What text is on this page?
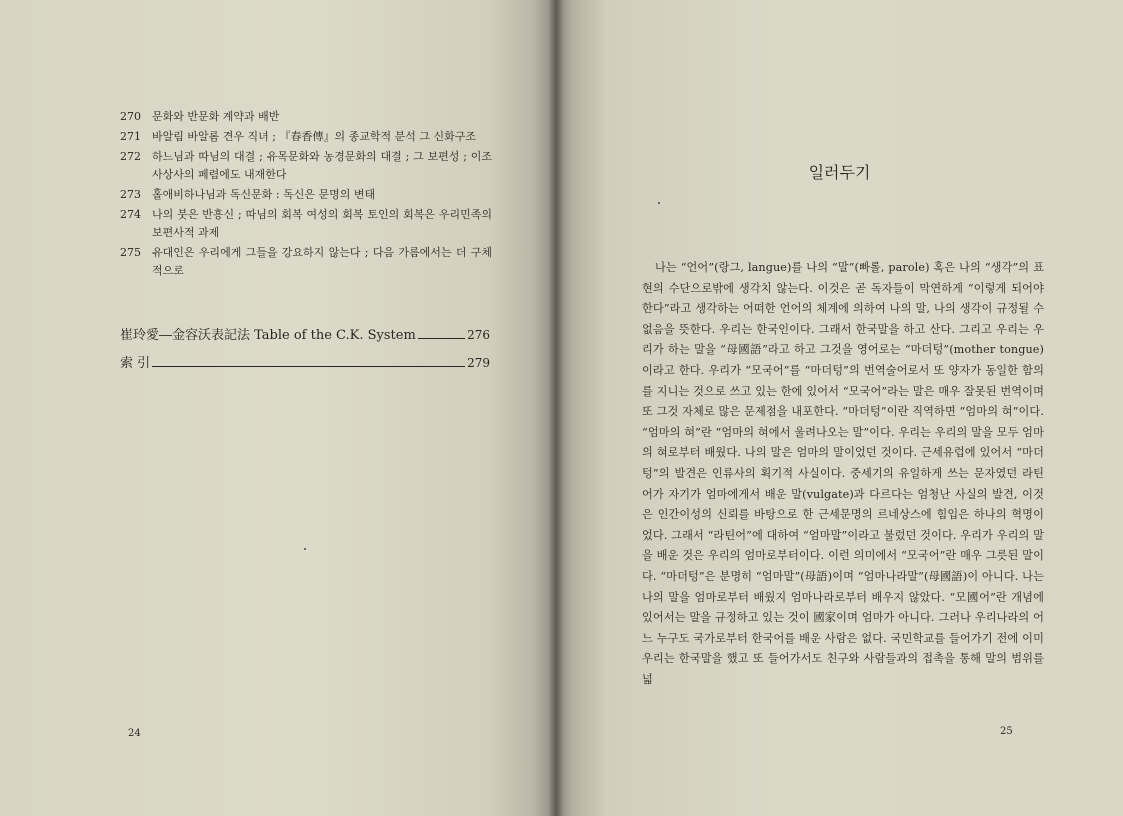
270	문화와 반문화 계약과 배반
271	바알림 바알롬 견우 직녀 ; 『春香傳』의 종교학적 분석 그 신화구조
272	하느님과 따님의 대결 ; 유목문화와 농경문화의 대결 ; 그 보편성 ; 이조사상사의 페렴에도 내재한다
273	홀애비하나님과 독신문화 : 독신은 문명의 변태
274	나의 붓은 반흥신 ; 따님의 회복 여성의 회복 토인의 회복은 우리민족의 보편사적 과제
275	유대인은 우리에게 그들을 강요하지 않는다 ; 다음 가름에서는 더 구체적으로
崔玲愛―金容沃表記法 Table of the C.K. System	276
索 引	279
24
일러두기
나는 “언어”(랑그, langue)를 나의 “말”(빠롤, parole) 혹은 나의 “생각”의 표현의 수단으로밖에 생각치 않는다. 이것은 곧 독자들이 막연하게 “이렇게 되어야 한다”라고 생각하는 어떠한 언어의 체계에 의하여 나의 말, 나의 생각이 규정될 수 없음을 뜻한다. 우리는 한국인이다. 그래서 한국말을 하고 산다. 그리고 우리는 우리가 하는 말을 “母國語”라고 하고 그것을 영어로는 “마더텅”(mother tongue)이라고 한다. 우리가 “모국어”를 “마더텅”의 번역술어로서 또 양자가 동일한 함의를 지니는 것으로 쓰고 있는 한에 있어서 “모국어”라는 말은 매우 잘못된 번역이며 또 그것 자체로 많은 문제점을 내포한다. “마더텅”이란 직역하면 “엄마의 혀”이다. “엄마의 혀”란 “엄마의 혀에서 울려나오는 말”이다. 우리는 우리의 말을 모두 엄마의 혀로부터 배웠다. 나의 말은 엄마의 말이었던 것이다. 근세유럽에 있어서 “마더텅”의 발견은 인류사의 획기적 사실이다. 중세기의 유일하게 쓰는 문자였던 라틴어가 자기가 엄마에게서 배운 말(vulgate)과 다르다는 엄청난 사실의 발견, 이것은 인간이성의 신뢰를 바탕으로 한 근세문명의 르네상스에 힘입은 하나의 혁명이었다. 그래서 “라틴어”에 대하여 “엄마말”이라고 불렀던 것이다. 우리가 우리의 말을 배운 것은 우리의 엄마로부터이다. 이런 의미에서 “모국어”란 매우 그릇된 말이다. “마더텅”은 분명히 “엄마말”(母語)이며 “엄마나라말”(母國語)이 아니다. 나는 나의 말을 엄마로부터 배웠지 엄마나라로부터 배우지 않았다. “모國어”란 개념에 있어서는 말을 규정하고 있는 것이 國家이며 엄마가 아니다. 그러나 우리나라의 어느 누구도 국가로부터 한국어를 배운 사람은 없다. 국민학교를 들어가기 전에 이미 우리는 한국말을 했고 또 들어가서도 친구와 사람들과의 접촉을 통해 말의 범위를 넓
25
